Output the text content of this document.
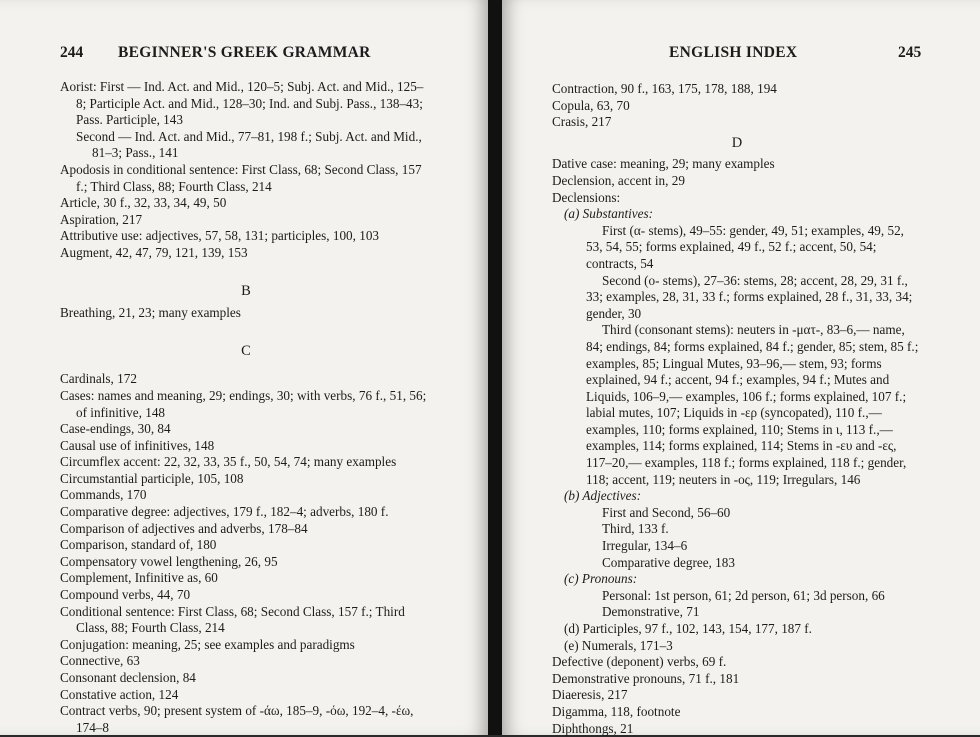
244 BEGINNER'S GREEK GRAMMAR

Aorist: First — Ind. Act. and Mid., 120–5; Subj. Act. and Mid., 125–8; Participle Act. and Mid., 128–30; Ind. and Subj. Pass., 138–43; Pass. Participle, 143

Second — Ind. Act. and Mid., 77–81, 198 f.; Subj. Act. and Mid., 81–3; Pass., 141

Apodosis in conditional sentence: First Class, 68; Second Class, 157 f.; Third Class, 88; Fourth Class, 214

Article, 30 f., 32, 33, 34, 49, 50

Aspiration, 217

Attributive use: adjectives, 57, 58, 131; participles, 100, 103

Augment, 42, 47, 79, 121, 139, 153

B

Breathing, 21, 23; many examples

C

Cardinals, 172

Cases: names and meaning, 29; endings, 30; with verbs, 76 f., 51, 56; of infinitive, 148

Case-endings, 30, 84

Causal use of infinitives, 148

Circumflex accent: 22, 32, 33, 35 f., 50, 54, 74; many examples

Circumstantial participle, 105, 108

Commands, 170

Comparative degree: adjectives, 179 f., 182–4; adverbs, 180 f.

Comparison of adjectives and adverbs, 178–84

Comparison, standard of, 180

Compensatory vowel lengthening, 26, 95

Complement, Infinitive as, 60

Compound verbs, 44, 70

Conditional sentence: First Class, 68; Second Class, 157 f.; Third Class, 88; Fourth Class, 214

Conjugation: meaning, 25; see examples and paradigms

Connective, 63

Consonant declension, 84

Constative action, 124

Contract verbs, 90; present system of -άω, 185–9, -όω, 192–4, -έω, 174–8

ENGLISH INDEX	245

Contraction, 90 f., 163, 175, 178, 188, 194

Copula, 63, 70

Crasis, 217

D

Dative case: meaning, 29; many examples

Declension, accent in, 29

Declensions:

(a) Substantives:

First (α- stems), 49–55: gender, 49, 51; examples, 49, 52, 53, 54, 55; forms explained, 49 f., 52 f.; accent, 50, 54; contracts, 54

Second (ο- stems), 27–36: stems, 28; accent, 28, 29, 31 f., 33; examples, 28, 31, 33 f.; forms explained, 28 f., 31, 33, 34; gender, 30

Third (consonant stems): neuters in -ματ-, 83–6,— name, 84; endings, 84; forms explained, 84 f.; gender, 85; stem, 85 f.; examples, 85; Lingual Mutes, 93–96,— stem, 93; forms explained, 94 f.; accent, 94 f.; examples, 94 f.; Mutes and Liquids, 106–9,— examples, 106 f.; forms explained, 107 f.; labial mutes, 107; Liquids in -ερ (syncopated), 110 f.,— examples, 110; forms explained, 110; Stems in ι, 113 f.,— examples, 114; forms explained, 114; Stems in -ευ and -ες, 117–20,— examples, 118 f.; forms explained, 118 f.; gender, 118; accent, 119; neuters in -ος, 119; Irregulars, 146

(b) Adjectives:

First and Second, 56–60

Third, 133 f.

Irregular, 134–6

Comparative degree, 183

(c) Pronouns:

Personal: 1st person, 61; 2d person, 61; 3d person, 66

Demonstrative, 71

(d) Participles, 97 f., 102, 143, 154, 177, 187 f.

(e) Numerals, 171–3

Defective (deponent) verbs, 69 f.

Demonstrative pronouns, 71 f., 181

Diaeresis, 217

Digamma, 118, footnote

Diphthongs, 21
